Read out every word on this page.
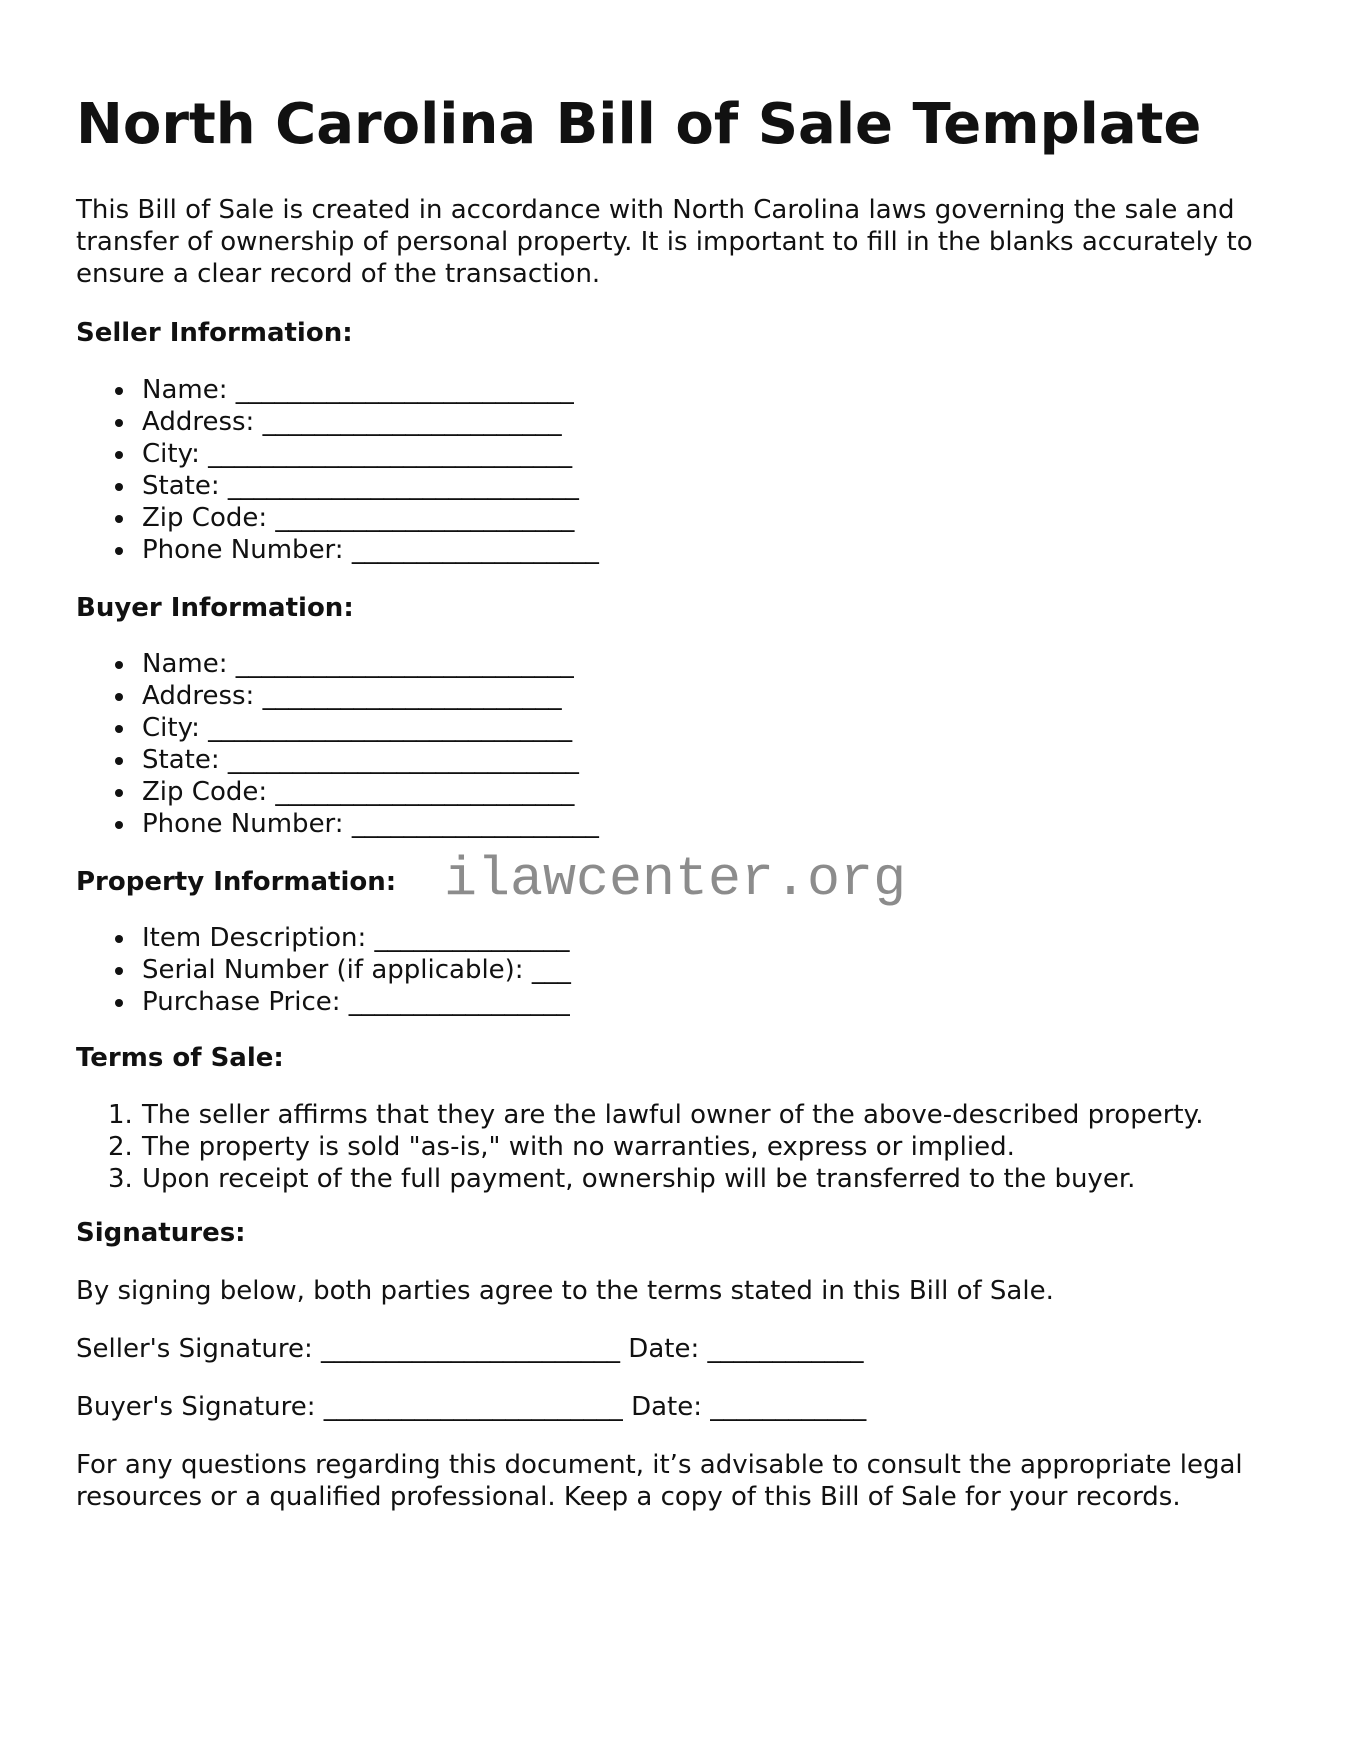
North Carolina Bill of Sale Template
This Bill of Sale is created in accordance with North Carolina laws governing the sale and
transfer of ownership of personal property. It is important to fill in the blanks accurately to
ensure a clear record of the transaction.
Seller Information:
Name: __________________________
Address: _______________________
City: ____________________________
State: ___________________________
Zip Code: _______________________
Phone Number: ___________________
Buyer Information:
Name: __________________________
Address: _______________________
City: ____________________________
State: ___________________________
Zip Code: _______________________
Phone Number: ___________________
Property Information:
Item Description: _______________
Serial Number (if applicable): ___
Purchase Price: _________________
Terms of Sale:
1. The seller affirms that they are the lawful owner of the above-described property.
2. The property is sold "as-is," with no warranties, express or implied.
3. Upon receipt of the full payment, ownership will be transferred to the buyer.
Signatures:
By signing below, both parties agree to the terms stated in this Bill of Sale.
Seller's Signature: _______________________ Date: ____________
Buyer's Signature: _______________________ Date: ____________
For any questions regarding this document, it’s advisable to consult the appropriate legal
resources or a qualified professional. Keep a copy of this Bill of Sale for your records.
ilawcenter.org
